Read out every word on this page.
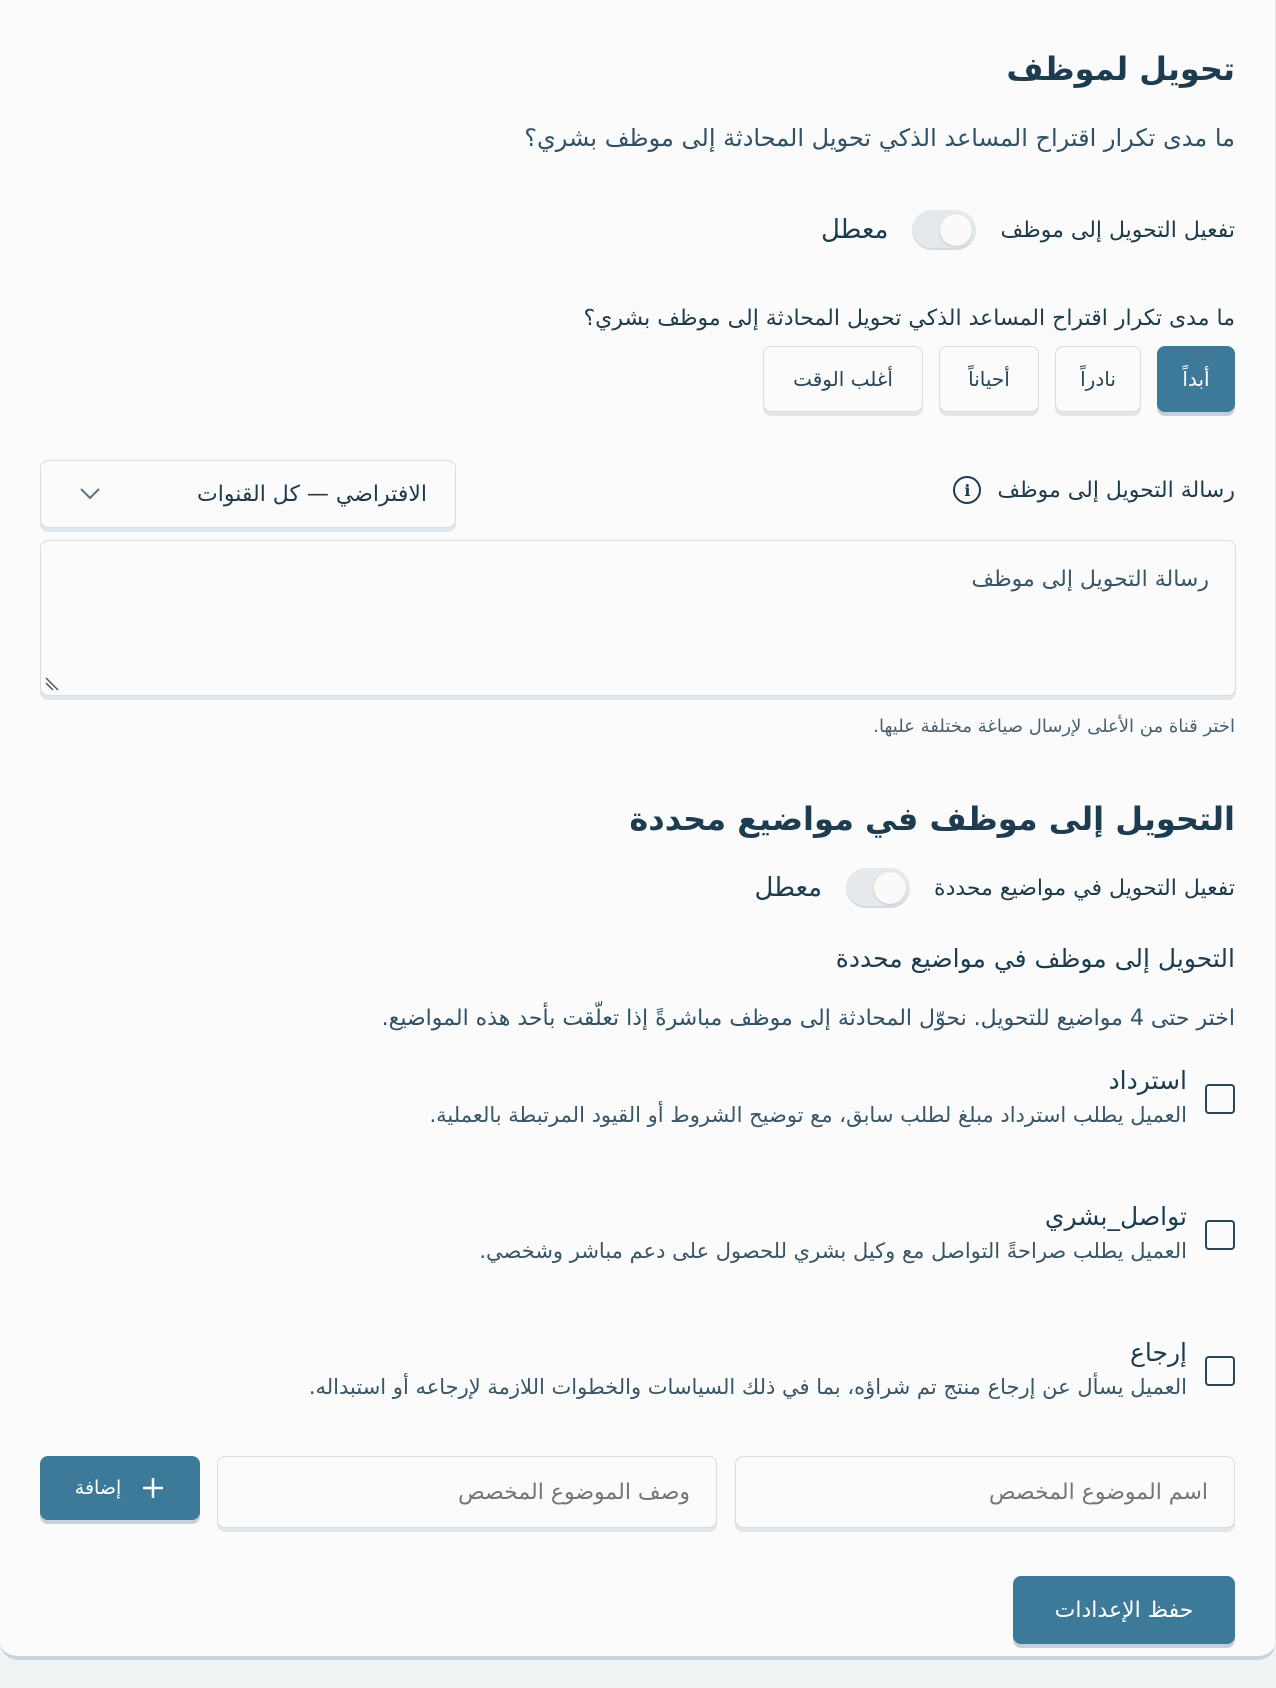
تحويل لموظف
ما مدى تكرار اقتراح المساعد الذكي تحويل المحادثة إلى موظف بشري؟
تفعيل التحويل إلى موظف
معطل
ما مدى تكرار اقتراح المساعد الذكي تحويل المحادثة إلى موظف بشري؟
أبداً
نادراً
أحياناً
أغلب الوقت
رسالة التحويل إلى موظف
i
الافتراضي — كل القنوات
رسالة التحويل إلى موظف
اختر قناة من الأعلى لإرسال صياغة مختلفة عليها.
التحويل إلى موظف في مواضيع محددة
تفعيل التحويل في مواضيع محددة
معطل
التحويل إلى موظف في مواضيع محددة
اختر حتى 4 مواضيع للتحويل. نحوّل المحادثة إلى موظف مباشرةً إذا تعلّقت بأحد هذه المواضيع.
استرداد
العميل يطلب استرداد مبلغ لطلب سابق، مع توضيح الشروط أو القيود المرتبطة بالعملية.
تواصل_بشري
العميل يطلب صراحةً التواصل مع وكيل بشري للحصول على دعم مباشر وشخصي.
إرجاع
العميل يسأل عن إرجاع منتج تم شراؤه، بما في ذلك السياسات والخطوات اللازمة لإرجاعه أو استبداله.
اسم الموضوع المخصص
وصف الموضوع المخصص
إضافة
حفظ الإعدادات
